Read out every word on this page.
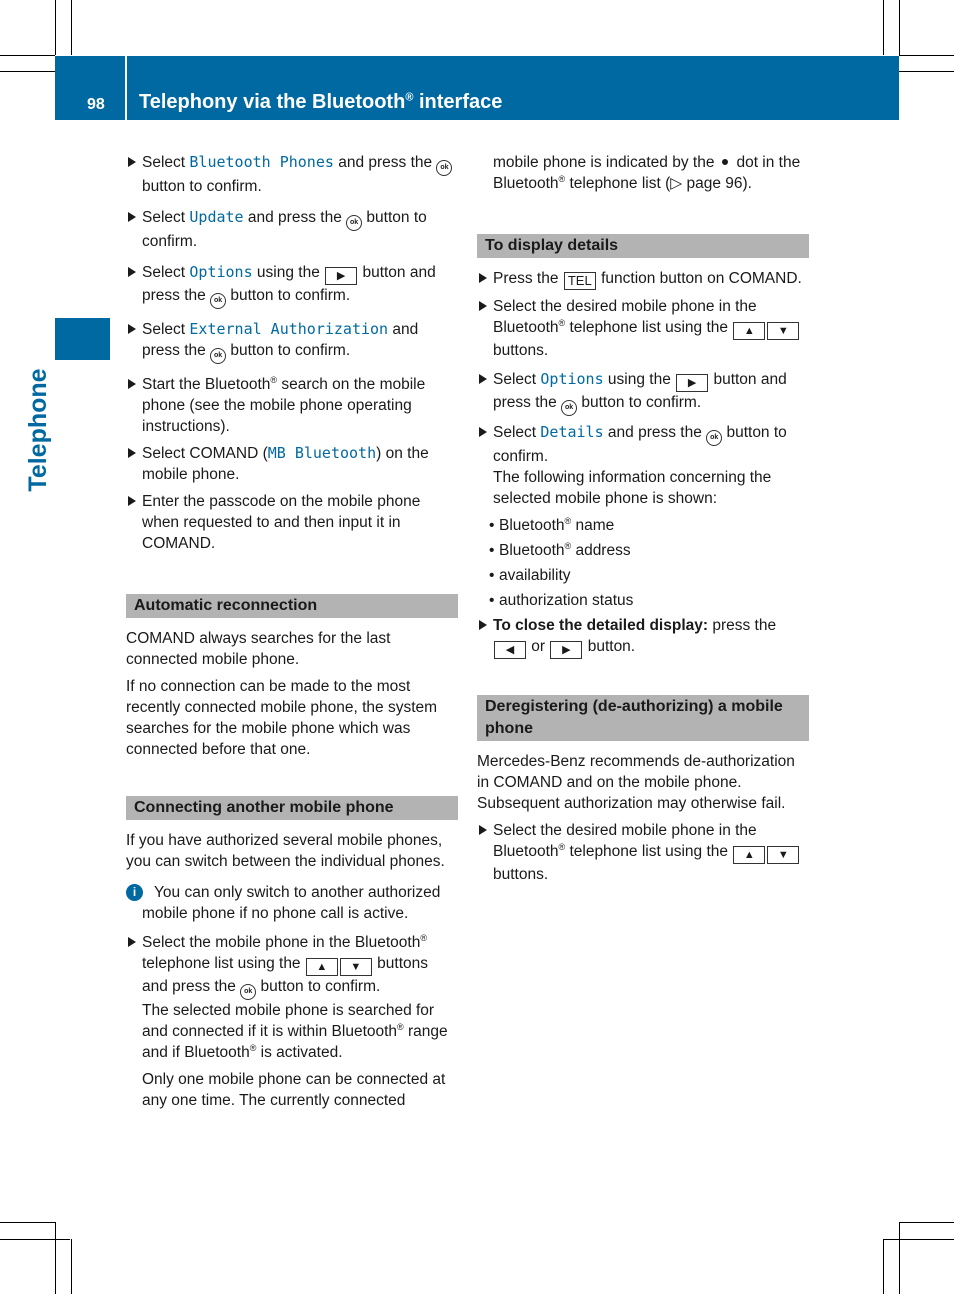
98 Telephony via the Bluetooth® interface
Telephone
Select Bluetooth Phones and press the ok button to confirm.
Select Update and press the ok button to confirm.
Select Options using the ▶ button and press the ok button to confirm.
Select External Authorization and press the ok button to confirm.
Start the Bluetooth® search on the mobile phone (see the mobile phone operating instructions).
Select COMAND (MB Bluetooth) on the mobile phone.
Enter the passcode on the mobile phone when requested to and then input it in COMAND.
Automatic reconnection
COMAND always searches for the last connected mobile phone.
If no connection can be made to the most recently connected mobile phone, the system searches for the mobile phone which was connected before that one.
Connecting another mobile phone
If you have authorized several mobile phones, you can switch between the individual phones.
i	You can only switch to another authorized mobile phone if no phone call is active.
Select the mobile phone in the Bluetooth® telephone list using the ▲ ▼ buttons and press the ok button to confirm.
The selected mobile phone is searched for and connected if it is within Bluetooth® range and if Bluetooth® is activated.
Only one mobile phone can be connected at any one time. The currently connected
mobile phone is indicated by the dot in the Bluetooth® telephone list (▷ page 96).
To display details
Press the TEL function button on COMAND.
Select the desired mobile phone in the Bluetooth® telephone list using the ▲ ▼ buttons.
Select Options using the ▶ button and press the ok button to confirm.
Select Details and press the ok button to confirm.
The following information concerning the selected mobile phone is shown:
• Bluetooth® name
• Bluetooth® address
• availability
• authorization status
To close the detailed display: press the ◀ or ▶ button.
Deregistering (de-authorizing) a mobile phone
Mercedes-Benz recommends de-authorization in COMAND and on the mobile phone. Subsequent authorization may otherwise fail.
Select the desired mobile phone in the Bluetooth® telephone list using the ▲ ▼ buttons.
